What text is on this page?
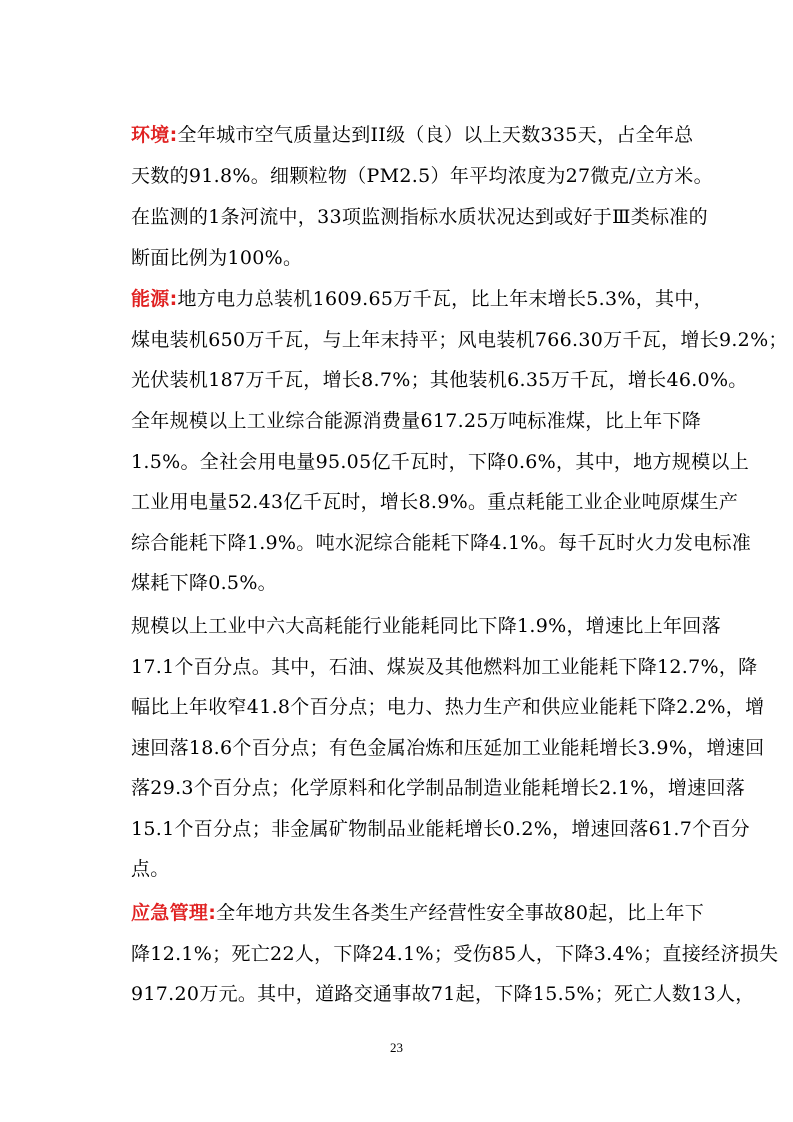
环境:全年城市空气质量达到II级（良）以上天数335天，占全年总
天数的91.8%。细颗粒物（PM2.5）年平均浓度为27微克/立方米。
在监测的1条河流中，33项监测指标水质状况达到或好于Ⅲ类标准的
断面比例为100%。
能源:地方电力总装机1609.65万千瓦，比上年末增长5.3%，其中，
煤电装机650万千瓦，与上年末持平；风电装机766.30万千瓦，增长9.2%；
光伏装机187万千瓦，增长8.7%；其他装机6.35万千瓦，增长46.0%。
全年规模以上工业综合能源消费量617.25万吨标准煤，比上年下降
1.5%。全社会用电量95.05亿千瓦时，下降0.6%，其中，地方规模以上
工业用电量52.43亿千瓦时，增长8.9%。重点耗能工业企业吨原煤生产
综合能耗下降1.9%。吨水泥综合能耗下降4.1%。每千瓦时火力发电标准
煤耗下降0.5%。
规模以上工业中六大高耗能行业能耗同比下降1.9%，增速比上年回落
17.1个百分点。其中，石油、煤炭及其他燃料加工业能耗下降12.7%，降
幅比上年收窄41.8个百分点；电力、热力生产和供应业能耗下降2.2%，增
速回落18.6个百分点；有色金属冶炼和压延加工业能耗增长3.9%，增速回
落29.3个百分点；化学原料和化学制品制造业能耗增长2.1%，增速回落
15.1个百分点；非金属矿物制品业能耗增长0.2%，增速回落61.7个百分
点。
应急管理:全年地方共发生各类生产经营性安全事故80起，比上年下
降12.1%；死亡22人，下降24.1%；受伤85人，下降3.4%；直接经济损失
917.20万元。其中，道路交通事故71起，下降15.5%；死亡人数13人，
23
